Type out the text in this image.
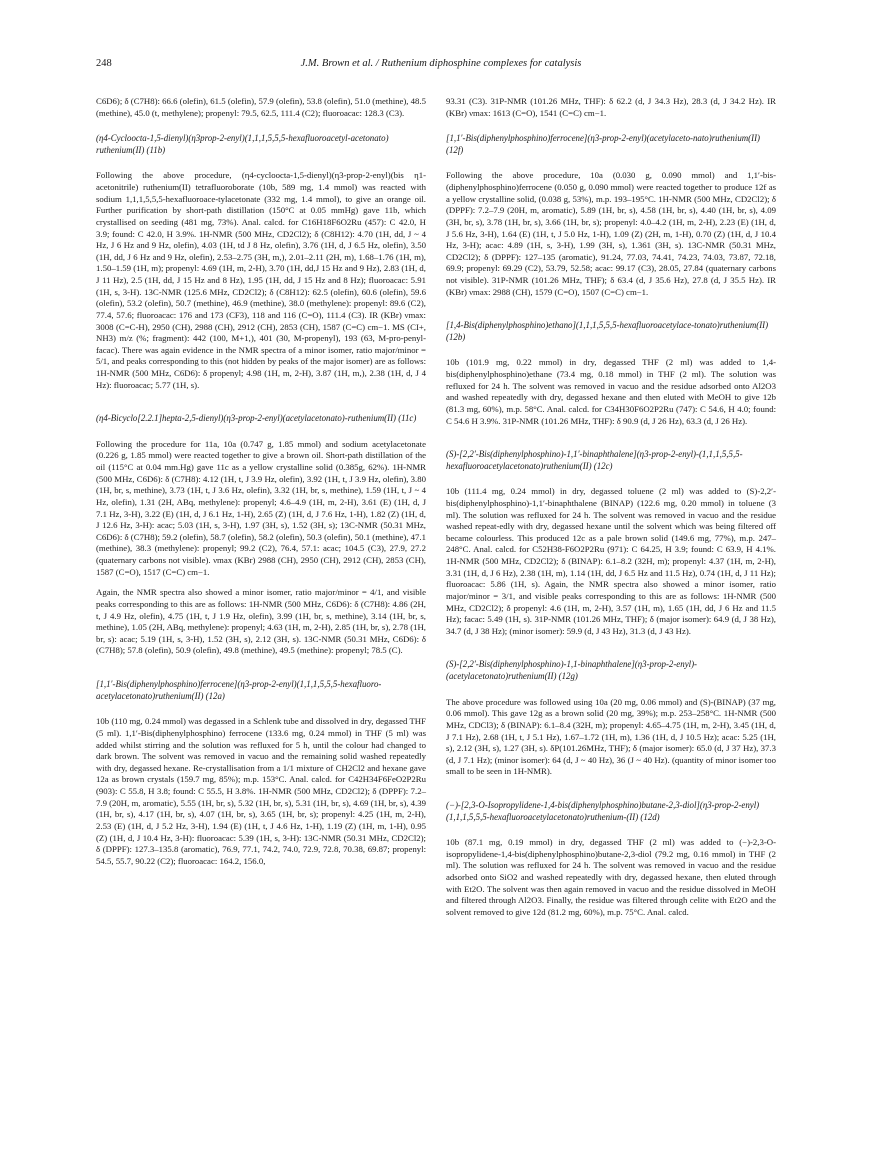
248	J.M. Brown et al. / Ruthenium diphosphine complexes for catalysis

C6D6); δ (C7H8): 66.6 (olefin), 61.5 (olefin), 57.9 (olefin), 53.8 (olefin), 51.0 (methine), 48.5 (methine), 45.0 (t, methylene); propenyl: 79.5, 62.5, 111.4 (C2); fluoroacac: 128.3 (C3).

(η4-Cycloocta-1,5-dienyl)(η3prop-2-enyl)(1,1,1,5,5,5-hexafluoroacetyl-acetonato) ruthenium(II) (11b)

Following the above procedure, (η4-cycloocta-1,5-dienyl)(η3-prop-2-enyl)(bis η1-acetonitrile) ruthenium(II) tetrafluoroborate (10b, 589 mg, 1.4 mmol) was reacted with sodium 1,1,1,5,5,5-hexafluoroace-tylacetonate (332 mg, 1.4 mmol), to give an orange oil. Further purification by short-path distillation (150°C at 0.05 mmHg) gave 11b, which crystallised on seeding (481 mg, 73%). Anal. calcd. for C16H18F6O2Ru (457): C 42.0, H 3.9; found: C 42.0, H 3.9%. 1H-NMR (500 MHz, CD2Cl2); δ (C8H12): 4.70 (1H, dd, J ~ 4 Hz, J 6 Hz and 9 Hz, olefin), 4.03 (1H, td J 8 Hz, olefin), 3.76 (1H, d, J 6.5 Hz, olefin), 3.50 (1H, dd, J 6 Hz and 9 Hz, olefin), 2.53–2.75 (3H, m,), 2.01–2.11 (2H, m), 1.68–1.76 (1H, m), 1.50–1.59 (1H, m); propenyl: 4.69 (1H, m, 2-H), 3.70 (1H, dd,J 15 Hz and 9 Hz), 2.83 (1H, d, J 11 Hz), 2.5 (1H, dd, J 15 Hz and 8 Hz), 1.95 (1H, dd, J 15 Hz and 8 Hz); fluoroacac: 5.91 (1H, s, 3-H). 13C-NMR (125.6 MHz, CD2Cl2); δ (C8H12): 62.5 (olefin), 60.6 (olefin), 59.6 (olefin), 53.2 (olefin), 50.7 (methine), 46.9 (methine), 38.0 (methylene): propenyl: 89.6 (C2), 77.4, 57.6; fluoroacac: 176 and 173 (CF3), 118 and 116 (C=O), 111.4 (C3). IR (KBr) νmax: 3008 (C=C-H), 2950 (CH), 2988 (CH), 2912 (CH), 2853 (CH), 1587 (C=C) cm−1. MS (CI+, NH3) m/z (%; fragment): 442 (100, M+1,), 401 (30, M-propenyl), 193 (63, M-pro-penyl-facac). There was again evidence in the NMR spectra of a minor isomer, ratio major/minor = 5/1, and peaks corresponding to this (not hidden by peaks of the major isomer) are as follows: 1H-NMR (500 MHz, C6D6): δ propenyl; 4.98 (1H, m, 2-H), 3.87 (1H, m,), 2.38 (1H, d, J 4 Hz): fluoroacac; 5.77 (1H, s).

(η4-Bicyclo[2.2.1]hepta-2,5-dienyl)(η3-prop-2-enyl)(acetylacetonato)-ruthenium(II) (11c)

Following the procedure for 11a, 10a (0.747 g, 1.85 mmol) and sodium acetylacetonate (0.226 g, 1.85 mmol) were reacted together to give a brown oil. Short-path distillation of the oil (115°C at 0.04 mm.Hg) gave 11c as a yellow crystalline solid (0.385g, 62%). 1H-NMR (500 MHz, C6D6): δ (C7H8): 4.12 (1H, t, J 3.9 Hz, olefin), 3.92 (1H, t, J 3.9 Hz, olefin), 3.80 (1H, br, s, methine), 3.73 (1H, t, J 3.6 Hz, olefin), 3.32 (1H, br, s, methine), 1.59 (1H, t, J ~ 4 Hz, olefin), 1.31 (2H, ABq, methylene): propenyl; 4.6–4.9 (1H, m, 2-H), 3.61 (E) (1H, d, J 7.1 Hz, 3-H), 3.22 (E) (1H, d, J 6.1 Hz, 1-H), 2.65 (Z) (1H, d, J 7.6 Hz, 1-H), 1.82 (Z) (1H, d, J 12.6 Hz, 3-H): acac; 5.03 (1H, s, 3-H), 1.97 (3H, s), 1.52 (3H, s); 13C-NMR (50.31 MHz, C6D6): δ (C7H8); 59.2 (olefin), 58.7 (olefin), 58.2 (olefin), 50.3 (olefin), 50.1 (methine), 47.1 (methine), 38.3 (methylene): propenyl; 99.2 (C2), 76.4, 57.1: acac; 104.5 (C3), 27.9, 27.2 (quaternary carbons not visible). νmax (KBr) 2988 (CH), 2950 (CH), 2912 (CH), 2853 (CH), 1587 (C=O), 1517 (C=C) cm−1.

Again, the NMR spectra also showed a minor isomer, ratio major/minor = 4/1, and visible peaks corresponding to this are as follows: 1H-NMR (500 MHz, C6D6): δ (C7H8): 4.86 (2H, t, J 4.9 Hz, olefin), 4.75 (1H, t, J 1.9 Hz, olefin), 3.99 (1H, br, s, methine), 3.14 (1H, br, s, methine), 1.05 (2H, ABq, methylene): propenyl; 4.63 (1H, m, 2-H), 2.85 (1H, br, s), 2.78 (1H, br, s): acac; 5.19 (1H, s, 3-H), 1.52 (3H, s), 2.12 (3H, s). 13C-NMR (50.31 MHz, C6D6): δ (C7H8); 57.8 (olefin), 50.9 (olefin), 49.8 (methine), 49.5 (methine): propenyl; 78.5 (C).

[1,1′-Bis(diphenylphosphino)ferrocene](η3-prop-2-enyl)(1,1,1,5,5,5-hexafluoro-acetylacetonato)ruthenium(II) (12a)

10b (110 mg, 0.24 mmol) was degassed in a Schlenk tube and dissolved in dry, degassed THF (5 ml). 1,1′-Bis(diphenylphosphino) ferrocene (133.6 mg, 0.24 mmol) in THF (5 ml) was added whilst stirring and the solution was refluxed for 5 h, until the colour had changed to dark brown. The solvent was removed in vacuo and the remaining solid washed repeatedly with dry, degassed hexane. Re-crystallisation from a 1/1 mixture of CH2Cl2 and hexane gave 12a as brown crystals (159.7 mg, 85%); m.p. 153°C. Anal. calcd. for C42H34F6FeO2P2Ru (903): C 55.8, H 3.8; found: C 55.5, H 3.8%. 1H-NMR (500 MHz, CD2Cl2); δ (DPPF): 7.2–7.9 (20H, m, aromatic), 5.55 (1H, br, s), 5.32 (1H, br, s), 5.31 (1H, br, s), 4.69 (1H, br, s), 4.39 (1H, br, s), 4.17 (1H, br, s), 4.07 (1H, br, s), 3.65 (1H, br, s); propenyl: 4.25 (1H, m, 2-H), 2.53 (E) (1H, d, J 5.2 Hz, 3-H), 1.94 (E) (1H, t, J 4.6 Hz, 1-H), 1.19 (Z) (1H, m, 1-H), 0.95 (Z) (1H, d, J 10.4 Hz, 3-H): fluoroacac: 5.39 (1H, s, 3-H): 13C-NMR (50.31 MHz, CD2Cl2); δ (DPPF): 127.3–135.8 (aromatic), 76.9, 77.1, 74.2, 74.0, 72.9, 72.8, 70.38, 69.87; propenyl: 54.5, 55.7, 90.22 (C2); fluoroacac: 164.2, 156.0,

93.31 (C3). 31P-NMR (101.26 MHz, THF): δ 62.2 (d, J 34.3 Hz), 28.3 (d, J 34.2 Hz). IR (KBr) νmax: 1613 (C=O), 1541 (C=C) cm−1.

[1,1′-Bis(diphenylphosphino)ferrocene](η3-prop-2-enyl)(acetylaceto-nato)ruthenium(II) (12f)

Following the above procedure, 10a (0.030 g, 0.090 mmol) and 1,1′-bis-(diphenylphosphino)ferrocene (0.050 g, 0.090 mmol) were reacted together to produce 12f as a yellow crystalline solid, (0.038 g, 53%), m.p. 193–195°C. 1H-NMR (500 MHz, CD2Cl2); δ (DPPF): 7.2–7.9 (20H, m, aromatic), 5.89 (1H, br, s), 4.58 (1H, br, s), 4.40 (1H, br, s), 4.09 (3H, br, s), 3.78 (1H, br, s), 3.66 (1H, br, s); propenyl: 4.0–4.2 (1H, m, 2-H), 2.23 (E) (1H, d, J 5.6 Hz, 3-H), 1.64 (E) (1H, t, J 5.0 Hz, 1-H), 1.09 (Z) (2H, m, 1-H), 0.70 (Z) (1H, d, J 10.4 Hz, 3-H); acac: 4.89 (1H, s, 3-H), 1.99 (3H, s), 1.361 (3H, s). 13C-NMR (50.31 MHz, CD2Cl2); δ (DPPF): 127–135 (aromatic), 91.24, 77.03, 74.41, 74.23, 74.03, 73.87, 72.18, 69.9; propenyl: 69.29 (C2), 53.79, 52.58; acac: 99.17 (C3), 28.05, 27.84 (quaternary carbons not visible). 31P-NMR (101.26 MHz, THF); δ 63.4 (d, J 35.6 Hz), 27.8 (d, J 35.5 Hz). IR (KBr) νmax: 2988 (CH), 1579 (C=O), 1507 (C=C) cm−1.

[1,4-Bis(diphenylphosphino)ethano](1,1,1,5,5,5-hexafluoroacetylace-tonato)ruthenium(II) (12b)

10b (101.9 mg, 0.22 mmol) in dry, degassed THF (2 ml) was added to 1,4-bis(diphenylphosphino)ethane (73.4 mg, 0.18 mmol) in THF (2 ml). The solution was refluxed for 24 h. The solvent was removed in vacuo and the residue adsorbed onto Al2O3 and washed repeatedly with dry, degassed hexane and then eluted with MeOH to give 12b (81.3 mg, 60%), m.p. 58°C. Anal. calcd. for C34H30F6O2P2Ru (747): C 54.6, H 4.0; found: C 54.6 H 3.9%. 31P-NMR (101.26 MHz, THF): δ 90.9 (d, J 26 Hz), 63.3 (d, J 26 Hz).

(S)-[2,2′-Bis(diphenylphosphino)-1,1′-binaphthalene](η3-prop-2-enyl)-(1,1,1,5,5,5-hexafluoroacetylacetonato)ruthenium(II) (12c)

10b (111.4 mg, 0.24 mmol) in dry, degassed toluene (2 ml) was added to (S)-2,2′-bis(diphenylphosphino)-1,1′-binaphthalene (BINAP) (122.6 mg, 0.20 mmol) in toluene (3 ml). The solution was refluxed for 24 h. The solvent was removed in vacuo and the residue washed repeat-edly with dry, degassed hexane until the solvent which was being filtered off became colourless. This produced 12c as a pale brown solid (149.6 mg, 77%), m.p. 247–248°C. Anal. calcd. for C52H38-F6O2P2Ru (971): C 64.25, H 3.9; found: C 63.9, H 4.1%. 1H-NMR (500 MHz, CD2Cl2); δ (BINAP): 6.1–8.2 (32H, m); propenyl: 4.37 (1H, m, 2-H), 3.31 (1H, d, J 6 Hz), 2.38 (1H, m), 1.14 (1H, dd, J 6.5 Hz and 11.5 Hz), 0.74 (1H, d, J 11 Hz); fluoroacac: 5.86 (1H, s). Again, the NMR spectra also showed a minor isomer, ratio major/minor = 3/1, and visible peaks corresponding to this are as follows: 1H-NMR (500 MHz, CD2Cl2); δ propenyl: 4.6 (1H, m, 2-H), 3.57 (1H, m), 1.65 (1H, dd, J 6 Hz and 11.5 Hz); facac: 5.49 (1H, s). 31P-NMR (101.26 MHz, THF); δ (major isomer): 64.9 (d, J 38 Hz), 34.7 (d, J 38 Hz); (minor isomer): 59.9 (d, J 43 Hz), 31.3 (d, J 43 Hz).

(S)-[2,2′-Bis(diphenylphosphino)-1,1-binaphthalene](η3-prop-2-enyl)-(acetylacetonato)ruthenium(II) (12g)

The above procedure was followed using 10a (20 mg, 0.06 mmol) and (S)-(BINAP) (37 mg, 0.06 mmol). This gave 12g as a brown solid (20 mg, 39%); m.p. 253–258°C. 1H-NMR (500 MHz, CDCl3); δ (BINAP): 6.1–8.4 (32H, m); propenyl: 4.65–4.75 (1H, m, 2-H), 3.45 (1H, d, J 7.1 Hz), 2.68 (1H, t, J 5.1 Hz), 1.67–1.72 (1H, m), 1.36 (1H, d, J 10.5 Hz); acac: 5.25 (1H, s), 2.12 (3H, s), 1.27 (3H, s). δP(101.26MHz, THF); δ (major isomer): 65.0 (d, J 37 Hz), 37.3 (d, J 7.1 Hz); (minor isomer): 64 (d, J ~ 40 Hz), 36 (J ~ 40 Hz). (quantity of minor isomer too small to be seen in 1H-NMR).

(−)-[2,3-O-Isopropylidene-1,4-bis(diphenylphosphino)butane-2,3-diol](η3-prop-2-enyl)(1,1,1,5,5,5-hexafluoroacetylacetonato)ruthenium-(II) (12d)

10b (87.1 mg, 0.19 mmol) in dry, degassed THF (2 ml) was added to (−)-2,3-O-isopropylidene-1,4-bis(diphenylphosphino)butane-2,3-diol (79.2 mg, 0.16 mmol) in THF (2 ml). The solution was refluxed for 24 h. The solvent was removed in vacuo and the residue adsorbed onto SiO2 and washed repeatedly with dry, degassed hexane, then eluted through with Et2O. The solvent was then again removed in vacuo and the residue dissolved in MeOH and filtered through Al2O3. Finally, the residue was filtered through celite with Et2O and the solvent removed to give 12d (81.2 mg, 60%), m.p. 75°C. Anal. calcd.
